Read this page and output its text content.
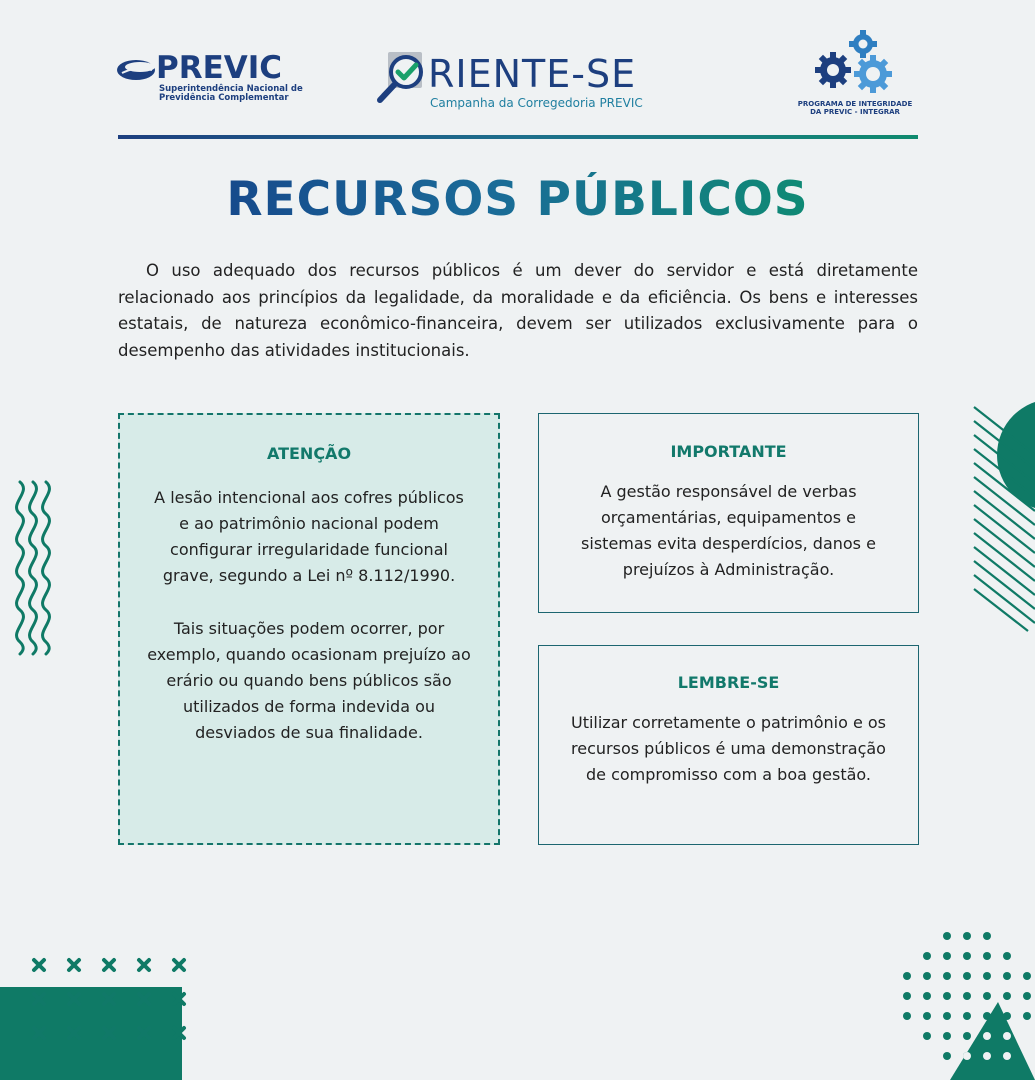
PREVIC
Superintendência Nacional de
Previdência Complementar
RIENTE-SE
Campanha da Corregedoria PREVIC	PROGRAMA DE INTEGRIDADE
DA PREVIC - INTEGRAR
RECURSOS PÚBLICOS

O uso adequado dos recursos públicos é um dever do servidor e está diretamente relacionado aos princípios da legalidade, da moralidade e da eficiência. Os bens e interesses estatais, de natureza econômico-financeira, devem ser utilizados exclusivamente para o desempenho das atividades institucionais.

ATENÇÃO
A lesão intencional aos cofres públicos e ao patrimônio nacional podem configurar irregularidade funcional grave, segundo a Lei nº 8.112/1990.
Tais situações podem ocorrer, por exemplo, quando ocasionam prejuízo ao erário ou quando bens públicos são utilizados de forma indevida ou desviados de sua finalidade.
IMPORTANTE
A gestão responsável de verbas orçamentárias, equipamentos e sistemas evita desperdícios, danos e prejuízos à Administração.
LEMBRE-SE
Utilizar corretamente o patrimônio e os recursos públicos é uma demonstração de compromisso com a boa gestão.
